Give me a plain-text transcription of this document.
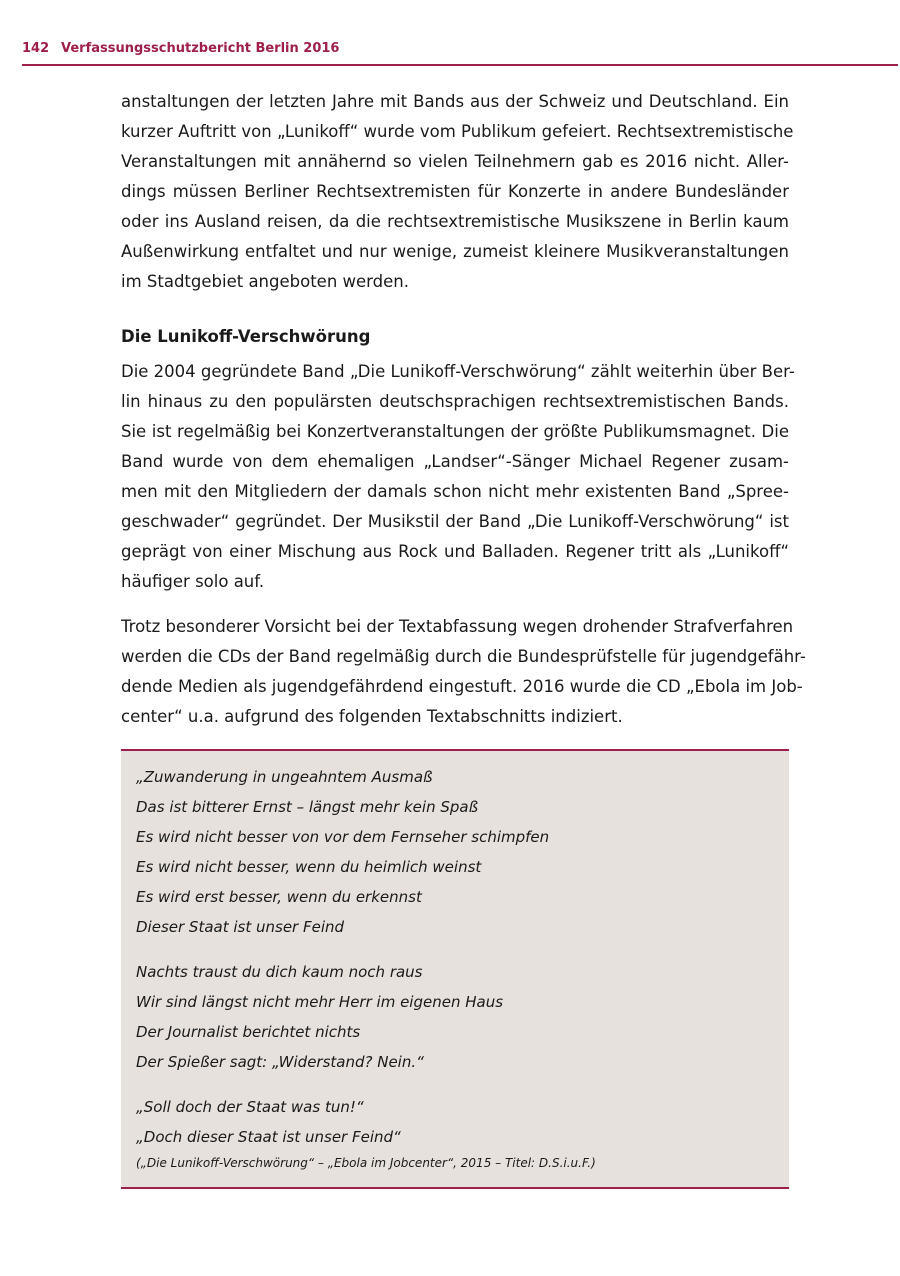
142 Verfassungsschutzbericht Berlin 2016

anstaltungen der letzten Jahre mit Bands aus der Schweiz und Deutschland. Ein
kurzer Auftritt von „Lunikoff“ wurde vom Publikum gefeiert. Rechtsextremistische
Veranstaltungen mit annähernd so vielen Teilnehmern gab es 2016 nicht. Aller-
dings müssen Berliner Rechtsextremisten für Konzerte in andere Bundesländer
oder ins Ausland reisen, da die rechtsextremistische Musikszene in Berlin kaum
Außenwirkung entfaltet und nur wenige, zumeist kleinere Musikveranstaltungen
im Stadtgebiet angeboten werden.

Die Lunikoff-Verschwörung

Die 2004 gegründete Band „Die Lunikoff-Verschwörung“ zählt weiterhin über Ber-
lin hinaus zu den populärsten deutschsprachigen rechtsextremistischen Bands.
Sie ist regelmäßig bei Konzertveranstaltungen der größte Publikumsmagnet. Die
Band wurde von dem ehemaligen „Landser“-Sänger Michael Regener zusam-
men mit den Mitgliedern der damals schon nicht mehr existenten Band „Spree-
geschwader“ gegründet. Der Musikstil der Band „Die Lunikoff-Verschwörung“ ist
geprägt von einer Mischung aus Rock und Balladen. Regener tritt als „Lunikoff“
häufiger solo auf.

Trotz besonderer Vorsicht bei der Textabfassung wegen drohender Strafverfahren
werden die CDs der Band regelmäßig durch die Bundesprüfstelle für jugendgefähr-
dende Medien als jugendgefährdend eingestuft. 2016 wurde die CD „Ebola im Job-
center“ u.a. aufgrund des folgenden Textabschnitts indiziert.

„Zuwanderung in ungeahntem Ausmaß
Das ist bitterer Ernst – längst mehr kein Spaß
Es wird nicht besser von vor dem Fernseher schimpfen
Es wird nicht besser, wenn du heimlich weinst
Es wird erst besser, wenn du erkennst
Dieser Staat ist unser Feind

Nachts traust du dich kaum noch raus
Wir sind längst nicht mehr Herr im eigenen Haus
Der Journalist berichtet nichts
Der Spießer sagt: „Widerstand? Nein.“

„Soll doch der Staat was tun!“
„Doch dieser Staat ist unser Feind“

(„Die Lunikoff-Verschwörung“ – „Ebola im Jobcenter“, 2015 – Titel: D.S.i.u.F.)
